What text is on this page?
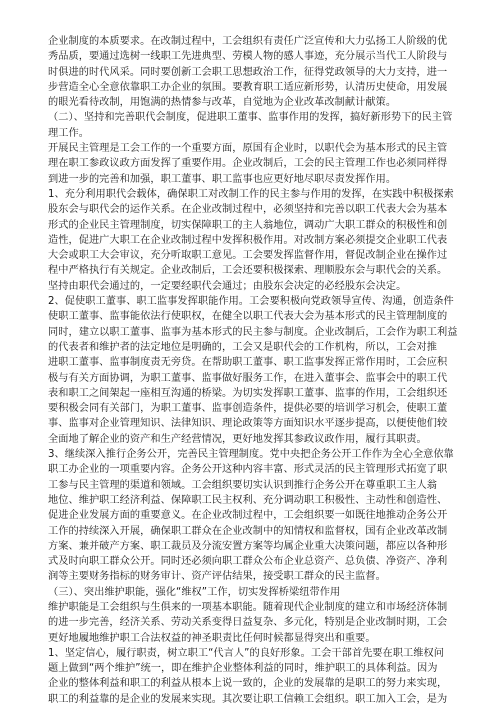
企业制度的本质要求。在改制过程中，工会组织有责任广泛宣传和大力弘扬工人阶级的优

秀品质，要通过选树一线职工先进典型、劳模人物的感人事迹，充分展示当代工人阶段与

时俱进的时代风采。同时要创新工会职工思想政治工作，征得党政领导的大力支持，进一

步营造全心全意依靠职工办企业的氛围。要教育职工适应新形势，认清历史使命，用发展

的眼光看待改制，用饱满的热情参与改革，自觉地为企业改革改制献计献策。

（二）、坚持和完善职代会制度，促进职工董事、监事作用的发挥，搞好新形势下的民主管

理工作。

开展民主管理是工会工作的一个重要方面，原国有企业时，以职代会为基本形式的民主管

理在职工参政议政方面发挥了重要作用。企业改制后，工会的民主管理工作也必须同样得

到进一步的完善和加强，职工董事、职工监事也应更好地尽职尽责发挥作用。

1、充分利用职代会载体，确保职工对改制工作的民主参与作用的发挥，在实践中积极探索

股东会与职代会的运作关系。在企业改制过程中，必须坚持和完善以职工代表大会为基本

形式的企业民主管理制度，切实保障职工的主人翁地位，调动广大职工群众的积极性和创

造性，促进广大职工在企业改制过程中发挥积极作用。对改制方案必须提交企业职工代表

大会或职工大会审议，充分听取职工意见。工会要发挥监督作用，督促改制企业在操作过

程中严格执行有关规定。企业改制后，工会还要积极探索、理顺股东会与职代会的关系。

坚持由职代会通过的，一定要经职代会通过；由股东会决定的必经股东会决定。

2、促使职工董事、职工监事发挥职能作用。工会要积极向党政领导宣传、沟通，创造条件

使职工董事、监事能依法行使职权，在健全以职工代表大会为基本形式的民主管理制度的

同时，建立以职工董事、监事为基本形式的民主参与制度。企业改制后，工会作为职工利益

的代表者和维护者的法定地位是明确的，工会又是职代会的工作机构，所以，工会对推

进职工董事、监事制度责无旁贷。在帮助职工董事、职工监事发挥正常作用时，工会应积

极与有关方面协调，为职工董事、监事做好服务工作，在进入董事会、监事会中的职工代

表和职工之间架起一座相互沟通的桥梁。为切实发挥职工董事、监事的作用，工会组织还

要积极会同有关部门，为职工董事、监事创造条件，提供必要的培训学习机会，使职工董

事、监事对企业管理知识、法律知识、理论政策等方面知识水平逐步提高，以便使他们较

全面地了解企业的资产和生产经营情况，更好地发挥其参政议政作用，履行其职责。

3、继续深入推行企务公开，完善民主管理制度。党中央把企务公开工作作为全心全意依靠

职工办企业的一项重要内容。企务公开这种内容丰富、形式灵活的民主管理形式拓宽了职

工参与民主管理的渠道和领域。工会组织要切实认识到推行企务公开在尊重职工主人翁

地位、维护职工经济利益、保障职工民主权利、充分调动职工积极性、主动性和创造性、

促进企业发展方面的重要意义。在企业改制过程中，工会组织要一如既往地推动企务公开

工作的持续深入开展，确保职工群众在企业改制中的知情权和监督权，国有企业改革改制

方案、兼并破产方案、职工裁员及分流安置方案等均属企业重大决策问题，都应以各种形

式及时向职工群众公开。同时还必须向职工群众公布企业总资产、总负债、净资产、净利

润等主要财务指标的财务审计、资产评估结果，接受职工群众的民主监督。

（三）、突出维护职能，强化“维权”工作，切实发挥桥梁纽带作用

维护职能是工会组织与生俱来的一项基本职能。随着现代企业制度的建立和市场经济体制

的进一步完善，经济关系、劳动关系变得日益复杂、多元化，特别是企业改制时期，工会

更好地履地维护职工合法权益的神圣职责比任何时候都显得突出和重要。

1、坚定信心，履行职责，树立职工“代言人”的良好形象。工会干部首先要在职工维权问

题上做到“两个维护”统一，即在维护企业整体利益的同时，维护职工的具体利益。因为

企业的整体利益和职工的利益从根本上说一致的，企业的发展靠的是职工的努力来实现，

职工的利益靠的是企业的发展来实现。其次要让职工信赖工会组织。职工加入工会，是为
